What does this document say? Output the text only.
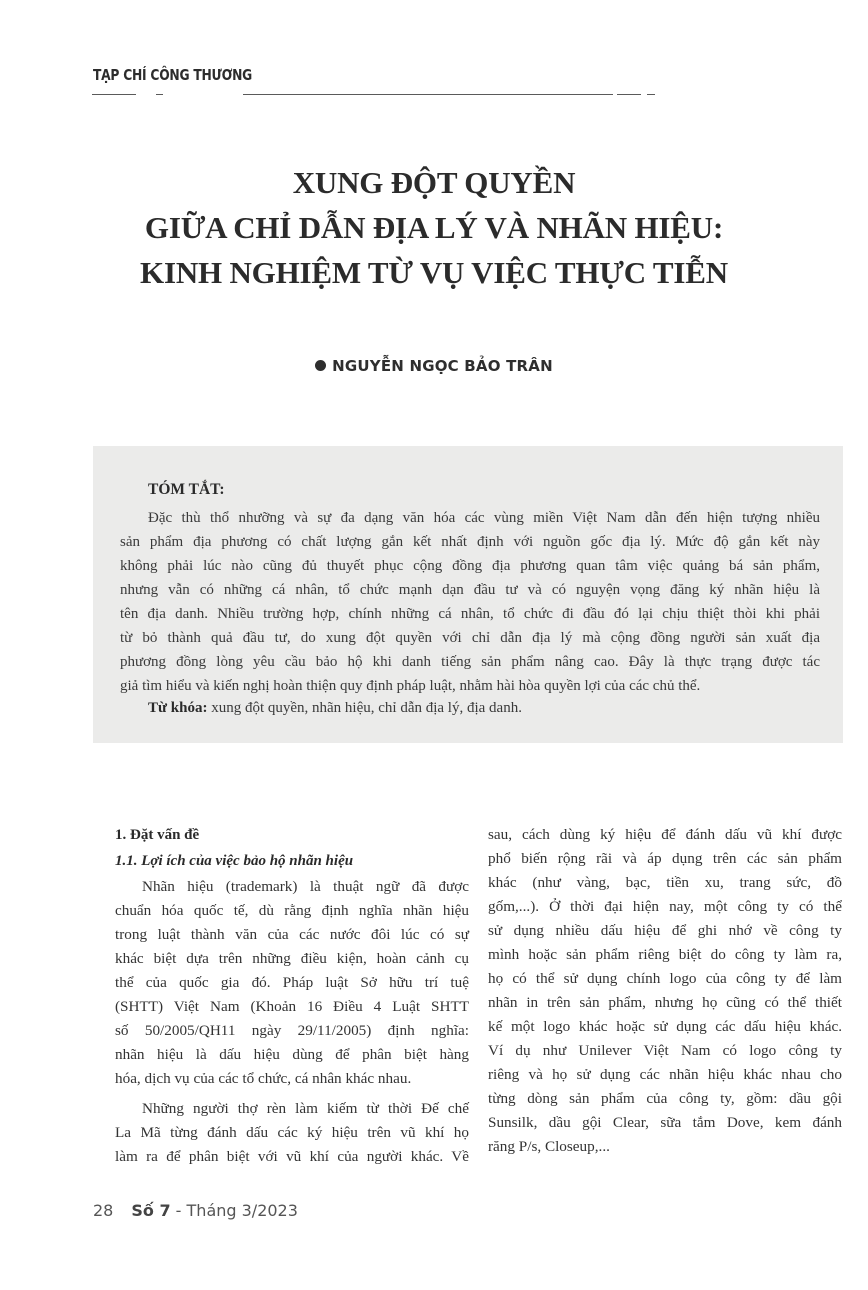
TẠP CHÍ CÔNG THƯƠNG
XUNG ĐỘT QUYỀN
GIỮA CHỈ DẪN ĐỊA LÝ VÀ NHÃN HIỆU:
KINH NGHIỆM TỪ VỤ VIỆC THỰC TIỄN
NGUYỄN NGỌC BẢO TRÂN
TÓM TẮT:
Đặc thù thổ nhưỡng và sự đa dạng văn hóa các vùng miền Việt Nam dẫn đến hiện tượng nhiều
sản phẩm địa phương có chất lượng gắn kết nhất định với nguồn gốc địa lý. Mức độ gắn kết này
không phải lúc nào cũng đủ thuyết phục cộng đồng địa phương quan tâm việc quảng bá sản phẩm,
nhưng vẫn có những cá nhân, tổ chức mạnh dạn đầu tư và có nguyện vọng đăng ký nhãn hiệu là
tên địa danh. Nhiều trường hợp, chính những cá nhân, tổ chức đi đầu đó lại chịu thiệt thòi khi phải
từ bỏ thành quả đầu tư, do xung đột quyền với chỉ dẫn địa lý mà cộng đồng người sản xuất địa
phương đồng lòng yêu cầu bảo hộ khi danh tiếng sản phẩm nâng cao. Đây là thực trạng được tác
giả tìm hiểu và kiến nghị hoàn thiện quy định pháp luật, nhằm hài hòa quyền lợi của các chủ thể.
Từ khóa: xung đột quyền, nhãn hiệu, chỉ dẫn địa lý, địa danh.
1. Đặt vấn đề
1.1. Lợi ích của việc bảo hộ nhãn hiệu
Nhãn hiệu (trademark) là thuật ngữ đã được
chuẩn hóa quốc tế, dù rằng định nghĩa nhãn hiệu
trong luật thành văn của các nước đôi lúc có sự
khác biệt dựa trên những điều kiện, hoàn cảnh cụ
thể của quốc gia đó. Pháp luật Sở hữu trí tuệ
(SHTT) Việt Nam (Khoản 16 Điều 4 Luật SHTT
số 50/2005/QH11 ngày 29/11/2005) định nghĩa:
nhãn hiệu là dấu hiệu dùng để phân biệt hàng
hóa, dịch vụ của các tổ chức, cá nhân khác nhau.
Những người thợ rèn làm kiếm từ thời Đế chế
La Mã từng đánh dấu các ký hiệu trên vũ khí họ
làm ra để phân biệt với vũ khí của người khác. Về
sau, cách dùng ký hiệu để đánh dấu vũ khí được
phổ biến rộng rãi và áp dụng trên các sản phẩm
khác (như vàng, bạc, tiền xu, trang sức, đồ
gốm,...). Ở thời đại hiện nay, một công ty có thể
sử dụng nhiều dấu hiệu để ghi nhớ về công ty
mình hoặc sản phẩm riêng biệt do công ty làm ra,
họ có thể sử dụng chính logo của công ty để làm
nhãn in trên sản phẩm, nhưng họ cũng có thể thiết
kế một logo khác hoặc sử dụng các dấu hiệu khác.
Ví dụ như Unilever Việt Nam có logo công ty
riêng và họ sử dụng các nhãn hiệu khác nhau cho
từng dòng sản phẩm của công ty, gồm: dầu gội
Sunsilk, dầu gội Clear, sữa tắm Dove, kem đánh
răng P/s, Closeup,...
28 Số 7 - Tháng 3/2023
